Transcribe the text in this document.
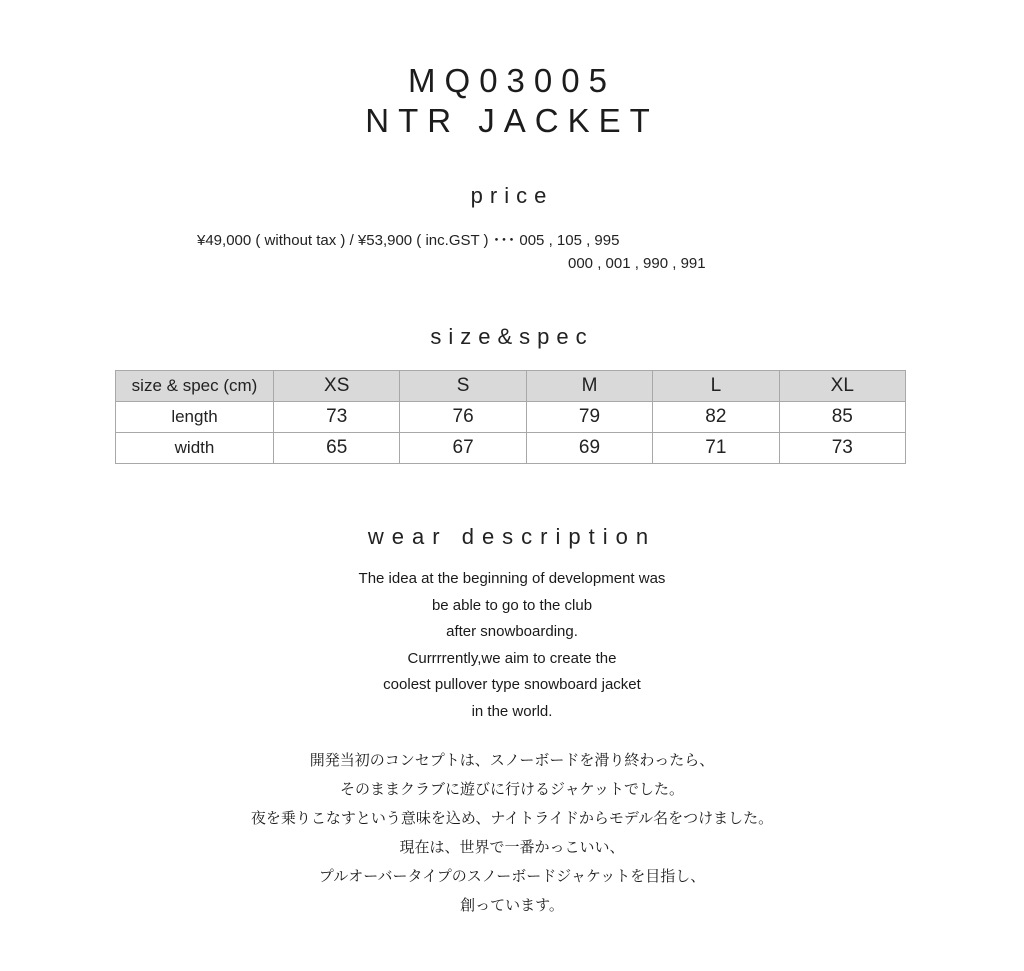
MQ03005
NTR JACKET
price
¥49,000 ( without tax ) / ¥53,900 ( inc.GST ) ･･･ 005 , 105 , 995
000 , 001 , 990 , 991
size&spec
size & spec (cm)	XS	S	M	L	XL
length	73	76	79	82	85
width	65	67	69	71	73
wear description
The idea at the beginning of development was
be able to go to the club
after snowboarding.
Currrrently,we aim to create the
coolest pullover type snowboard jacket
in the world.
開発当初のコンセプトは、スノーボードを滑り終わったら、
そのままクラブに遊びに行けるジャケットでした。
夜を乗りこなすという意味を込め、ナイトライドからモデル名をつけました。
現在は、世界で一番かっこいい、
プルオーバータイプのスノーボードジャケットを目指し、
創っています。
